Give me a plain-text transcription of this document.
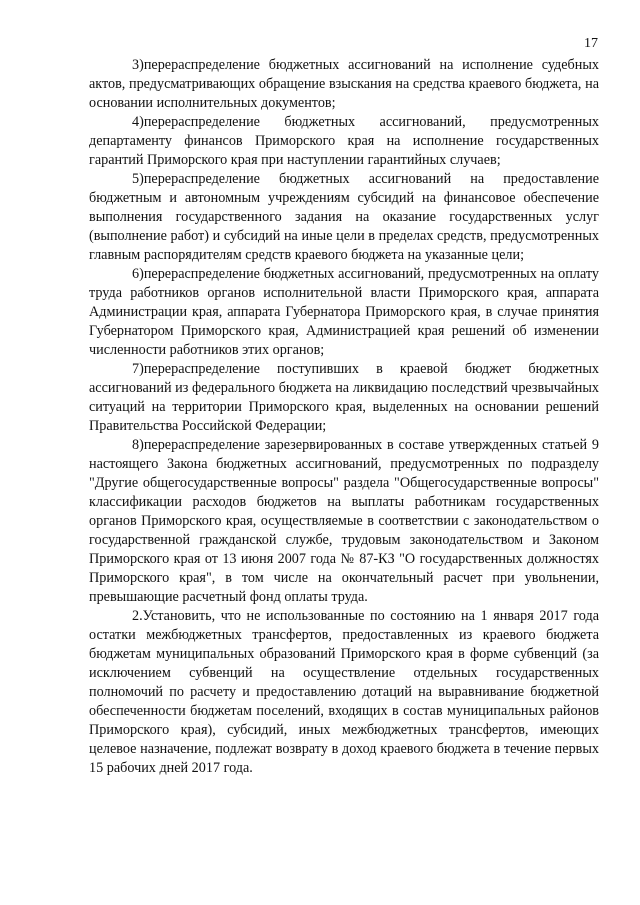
17

3)перераспределение бюджетных ассигнований на исполнение судебных актов, предусматривающих обращение взыскания на средства краевого бюджета, на основании исполнительных документов;

4)перераспределение бюджетных ассигнований, предусмотренных департаменту финансов Приморского края на исполнение государственных гарантий Приморского края при наступлении гарантийных случаев;

5)перераспределение бюджетных ассигнований на предоставление бюджетным и автономным учреждениям субсидий на финансовое обеспечение выполнения государственного задания на оказание государственных услуг (выполнение работ) и субсидий на иные цели в пределах средств, предусмотренных главным распорядителям средств краевого бюджета на указанные цели;

6)перераспределение бюджетных ассигнований, предусмотренных на оплату труда работников органов исполнительной власти Приморского края, аппарата Администрации края, аппарата Губернатора Приморского края, в случае принятия Губернатором Приморского края, Администрацией края решений об изменении численности работников этих органов;

7)перераспределение поступивших в краевой бюджет бюджетных ассигнований из федерального бюджета на ликвидацию последствий чрезвычайных ситуаций на территории Приморского края, выделенных на основании решений Правительства Российской Федерации;

8)перераспределение зарезервированных в составе утвержденных статьей 9 настоящего Закона бюджетных ассигнований, предусмотренных по подразделу "Другие общегосударственные вопросы" раздела "Общегосударственные вопросы" классификации расходов бюджетов на выплаты работникам государственных органов Приморского края, осуществляемые в соответствии с законодательством о государственной гражданской службе, трудовым законодательством и Законом Приморского края от 13 июня 2007 года № 87-КЗ "О государственных должностях Приморского края", в том числе на окончательный расчет при увольнении, превышающие расчетный фонд оплаты труда.

2.Установить, что не использованные по состоянию на 1 января 2017 года остатки межбюджетных трансфертов, предоставленных из краевого бюджета бюджетам муниципальных образований Приморского края в форме субвенций (за исключением субвенций на осуществление отдельных государственных полномочий по расчету и предоставлению дотаций на выравнивание бюджетной обеспеченности бюджетам поселений, входящих в состав муниципальных районов Приморского края), субсидий, иных межбюджетных трансфертов, имеющих целевое назначение, подлежат возврату в доход краевого бюджета в течение первых 15 рабочих дней 2017 года.
